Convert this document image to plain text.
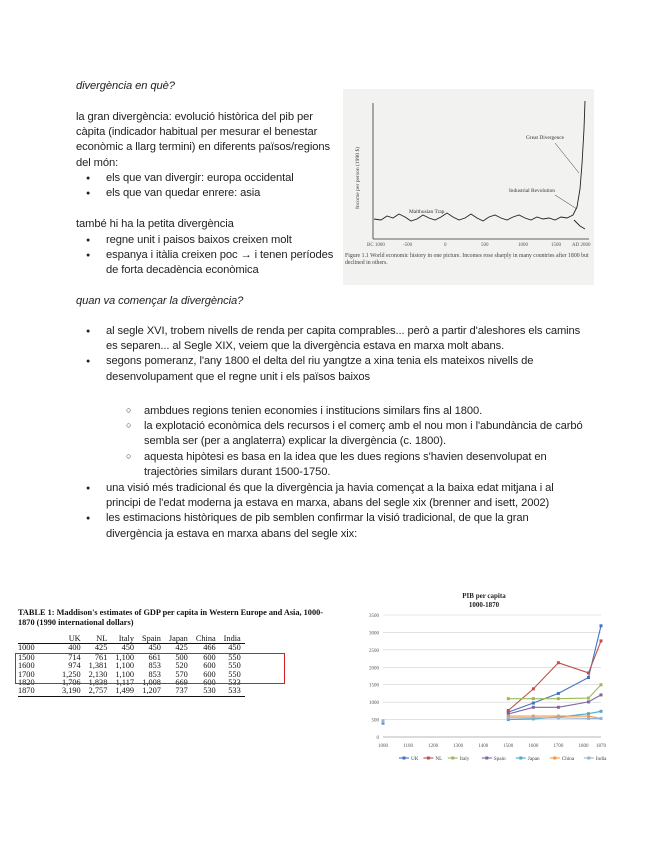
divergència en què?
la gran divergència: evolució històrica del pib per càpita (indicador habitual per mesurar el benestar econòmic a llarg termini) en diferents països/regions del món:
● els que van divergir: europa occidental
● els que van quedar enrere: asia
també hi ha la petita divergència
● regne unit i paisos baixos creixen molt
● espanya i itàlia creixen poc → i tenen períodes de forta decadència econòmica
Income per person (1990 $)
BC 1000	-500	0	500	1000	1500 AD 2000
Great Divergence
Industrial Revolution
Malthusian Trap
Figure 1.1 World economic history in one picture. Incomes rose sharply in many countries after 1800 but declined in others.
quan va començar la divergència?
● al segle XVI, trobem nivells de renda per capita comprables... però a partir d'aleshores els camins es separen... al Segle XIX, veiem que la divergència estava en marxa molt abans.
● segons pomeranz, l'any 1800 el delta del riu yangtze a xina tenia els mateixos nivells de desenvolupament que el regne unit i els països baixos
○ ambdues regions tenien economies i institucions similars fins al 1800.
○ la explotació econòmica dels recursos i el comerç amb el nou mon i l'abundància de carbó sembla ser (per a anglaterra) explicar la divergència (c. 1800).
○ aquesta hipòtesi es basa en la idea que les dues regions s'havien desenvolupat en trajectòries similars durant 1500-1750.
● una visió més tradicional és que la divergència ja havia començat a la baixa edat mitjana i al principi de l'edat moderna ja estava en marxa, abans del segle xix (brenner and isett, 2002)
● les estimacions històriques de pib semblen confirmar la visió tradicional, de que la gran divergència ja estava en marxa abans del segle xix:
TABLE 1: Maddison's estimates of GDP per capita in Western Europe and Asia, 1000-1870 (1990 international dollars)
	UK	NL	Italy	Spain	Japan	China	India
1000	400	425	450	450	425	466	450
1500	714	761	1,100	661	500	600	550
1600	974	1,381	1,100	853	520	600	550
1700	1,250	2,130	1,100	853	570	600	550
1820	1,706	1,838	1,117	1,008	669	600	533
1870	3,190	2,757	1,499	1,207	737	530	533
PIB per capita
1000-1870
0
500
1000
1500
2000
2500
3000
3500
1000	1100	1200	1300	1400	1500	1600	1700	1800 1870
UK	NL	Italy	Spain	Japan	China	India
